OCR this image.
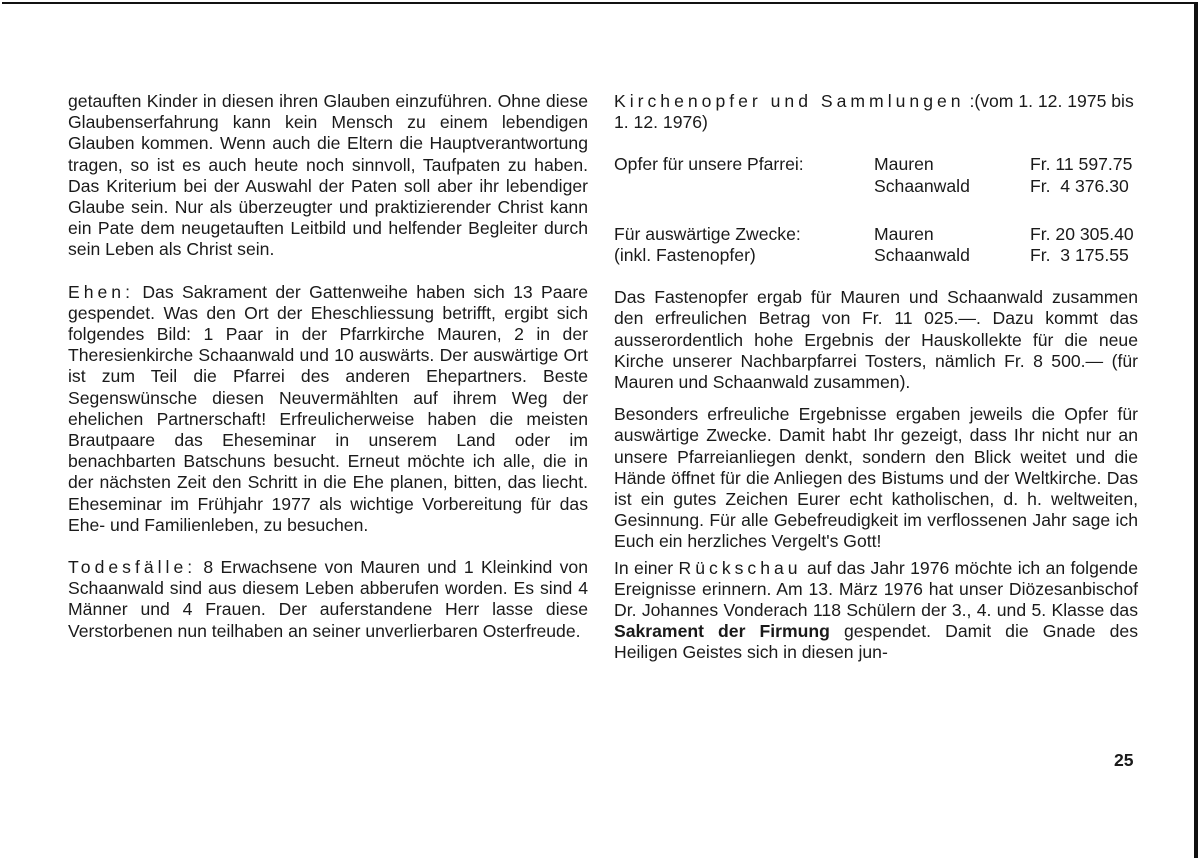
getauften Kinder in diesen ihren Glauben einzuführen. Ohne diese Glaubenserfahrung kann kein Mensch zu einem lebendigen Glauben kommen. Wenn auch die Eltern die Hauptverantwortung tragen, so ist es auch heute noch sinnvoll, Taufpaten zu haben. Das Kriterium bei der Auswahl der Paten soll aber ihr lebendiger Glaube sein. Nur als überzeugter und praktizierender Christ kann ein Pate dem neugetauften Leitbild und helfender Begleiter durch sein Leben als Christ sein.

Ehen: Das Sakrament der Gattenweihe haben sich 13 Paare gespendet. Was den Ort der Eheschliessung betrifft, ergibt sich folgendes Bild: 1 Paar in der Pfarrkirche Mauren, 2 in der Theresienkirche Schaanwald und 10 auswärts. Der auswärtige Ort ist zum Teil die Pfarrei des anderen Ehepartners. Beste Segenswünsche diesen Neuvermählten auf ihrem Weg der ehelichen Partnerschaft! Erfreulicherweise haben die meisten Brautpaare das Eheseminar in unserem Land oder im benachbarten Batschuns besucht. Erneut möchte ich alle, die in der nächsten Zeit den Schritt in die Ehe planen, bitten, das liecht. Eheseminar im Frühjahr 1977 als wichtige Vorbereitung für das Ehe- und Familienleben, zu besuchen.

Todesfälle: 8 Erwachsene von Mauren und 1 Kleinkind von Schaanwald sind aus diesem Leben abberufen worden. Es sind 4 Männer und 4 Frauen. Der auferstandene Herr lasse diese Verstorbenen nun teilhaben an seiner unverlierbaren Osterfreude.

Kirchenopfer und Sammlungen :(vom 1. 12. 1975 bis 1. 12. 1976)

Opfer für unsere Pfarrei:	Mauren	Fr. 11 597.75
	Schaanwald	Fr.  4 376.30

Für auswärtige Zwecke:	Mauren	Fr. 20 305.40
(inkl. Fastenopfer)	Schaanwald	Fr.  3 175.55

Das Fastenopfer ergab für Mauren und Schaanwald zusammen den erfreulichen Betrag von Fr. 11 025.—. Dazu kommt das ausserordentlich hohe Ergebnis der Hauskollekte für die neue Kirche unserer Nachbarpfarrei Tosters, nämlich Fr. 8 500.— (für Mauren und Schaanwald zusammen).

Besonders erfreuliche Ergebnisse ergaben jeweils die Opfer für auswärtige Zwecke. Damit habt Ihr gezeigt, dass Ihr nicht nur an unsere Pfarreianliegen denkt, sondern den Blick weitet und die Hände öffnet für die Anliegen des Bistums und der Weltkirche. Das ist ein gutes Zeichen Eurer echt katholischen, d. h. weltweiten, Gesinnung. Für alle Gebefreudigkeit im verflossenen Jahr sage ich Euch ein herzliches Vergelt's Gott!

In einer Rückschau auf das Jahr 1976 möchte ich an folgende Ereignisse erinnern. Am 13. März 1976 hat unser Diözesanbischof Dr. Johannes Vonderach 118 Schülern der 3., 4. und 5. Klasse das Sakrament der Firmung gespendet. Damit die Gnade des Heiligen Geistes sich in diesen jun-

25
